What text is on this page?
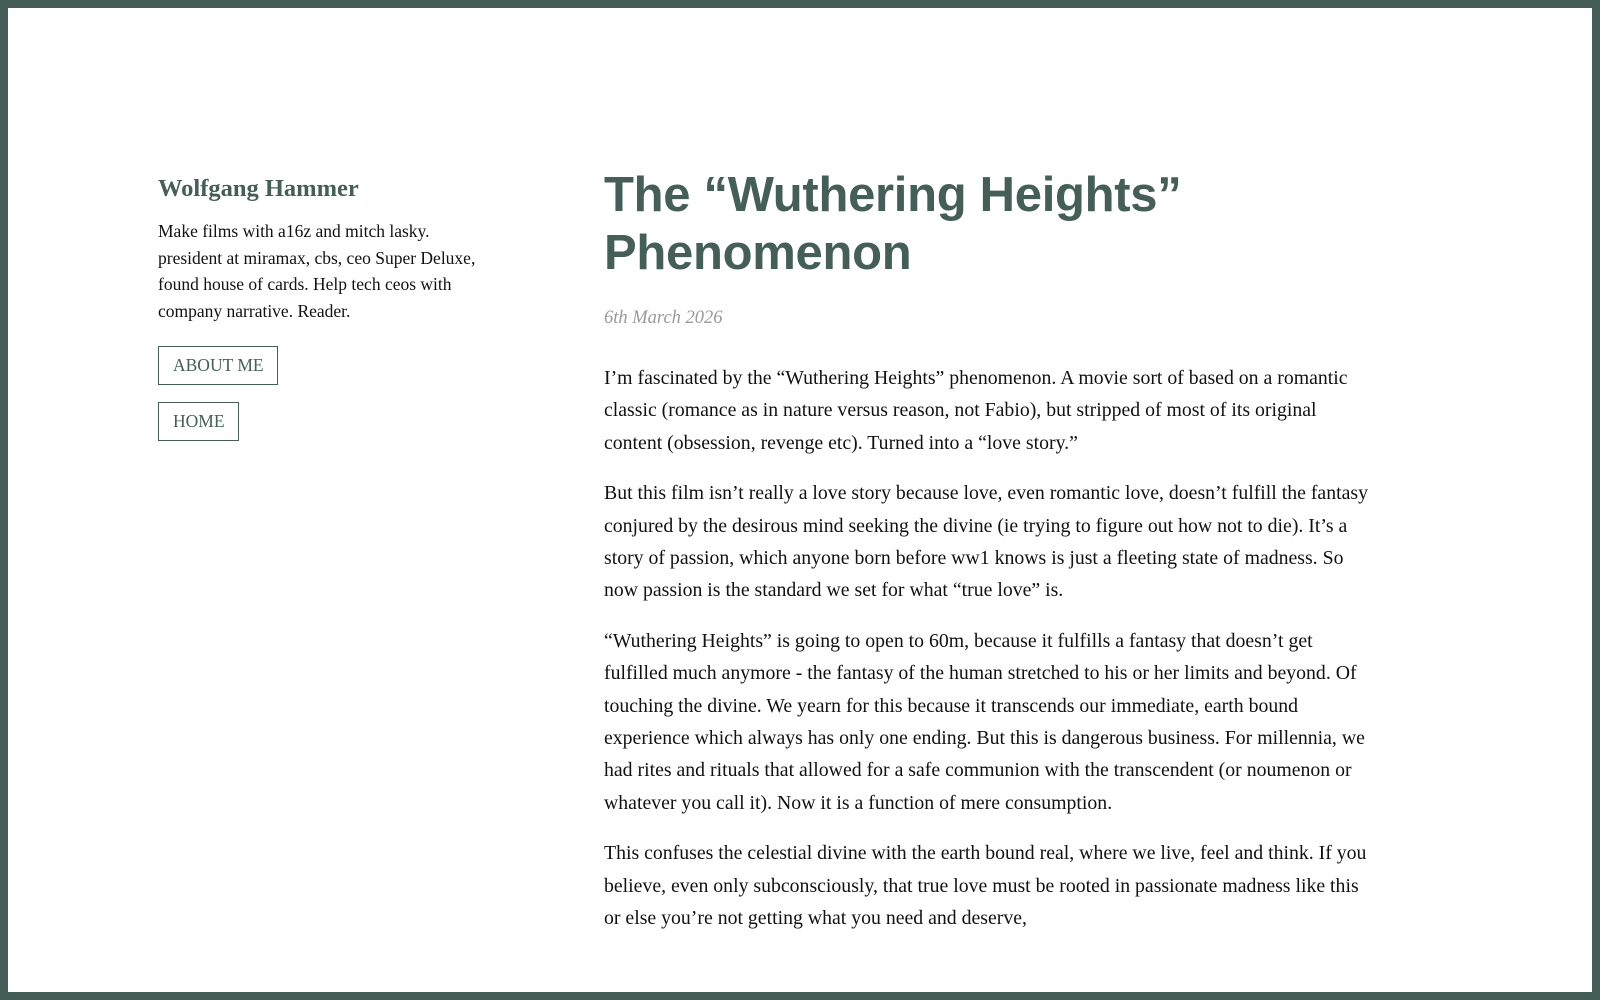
Wolfgang Hammer

Make films with a16z and mitch lasky. president at miramax, cbs, ceo Super Deluxe, found house of cards. Help tech ceos with company narrative. Reader.

ABOUT ME
HOME
The “Wuthering Heights” Phenomenon
6th March 2026

I’m fascinated by the “Wuthering Heights” phenomenon. A movie sort of based on a romantic classic (romance as in nature versus reason, not Fabio), but stripped of most of its original content (obsession, revenge etc). Turned into a “love story.”

But this film isn’t really a love story because love, even romantic love, doesn’t fulfill the fantasy conjured by the desirous mind seeking the divine (ie trying to figure out how not to die). It’s a story of passion, which anyone born before ww1 knows is just a fleeting state of madness. So now passion is the standard we set for what “true love” is.

“Wuthering Heights” is going to open to 60m, because it fulfills a fantasy that doesn’t get fulfilled much anymore - the fantasy of the human stretched to his or her limits and beyond. Of touching the divine. We yearn for this because it transcends our immediate, earth bound experience which always has only one ending. But this is dangerous business. For millennia, we had rites and rituals that allowed for a safe communion with the transcendent (or noumenon or whatever you call it). Now it is a function of mere consumption.

This confuses the celestial divine with the earth bound real, where we live, feel and think. If you believe, even only subconsciously, that true love must be rooted in passionate madness like this or else you’re not getting what you need and deserve,
